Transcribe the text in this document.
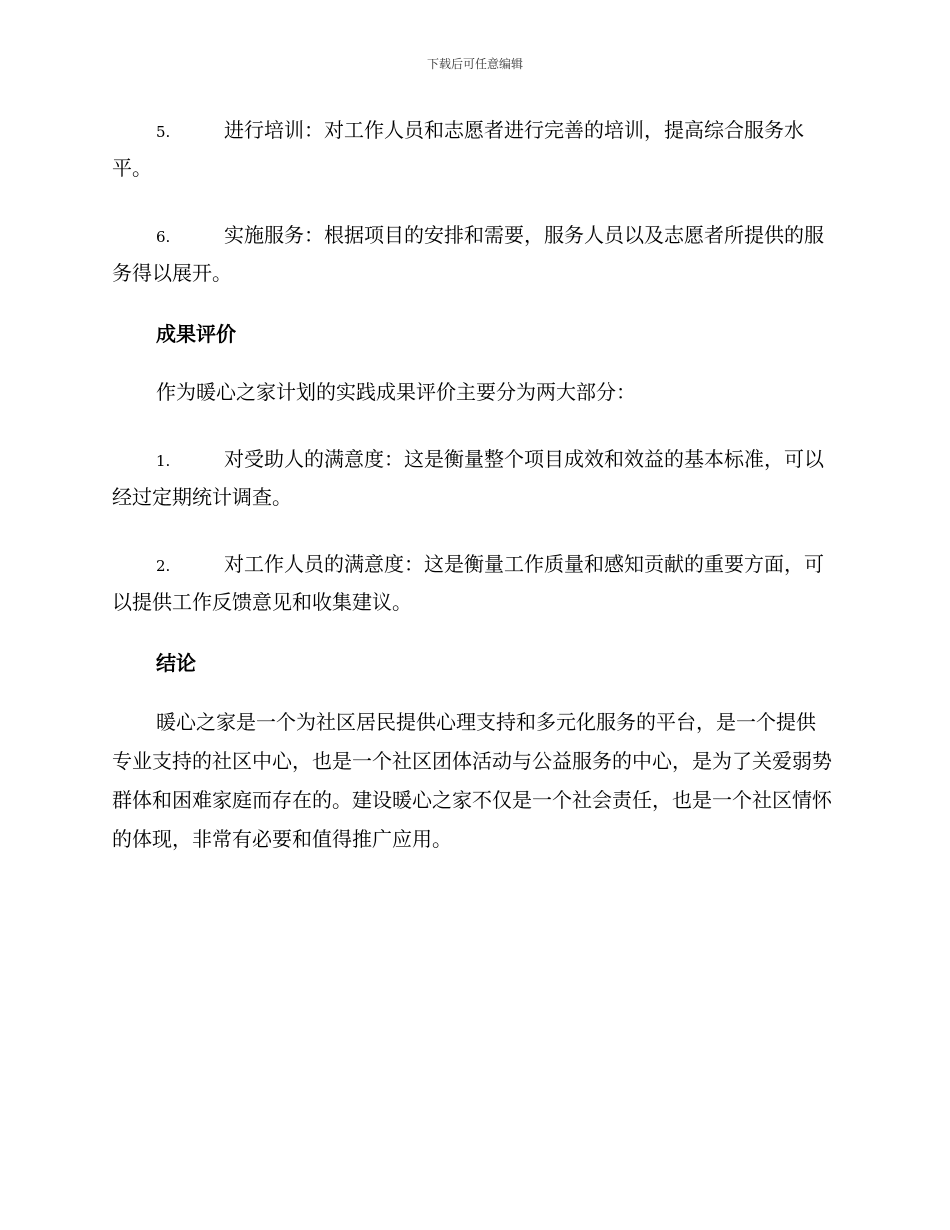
下载后可任意编辑

5.	进行培训：对工作人员和志愿者进行完善的培训，提高综合服务水平。

6.	实施服务：根据项目的安排和需要，服务人员以及志愿者所提供的服务得以展开。

成果评价

作为暖心之家计划的实践成果评价主要分为两大部分：

1.	对受助人的满意度：这是衡量整个项目成效和效益的基本标准，可以经过定期统计调查。

2.	对工作人员的满意度：这是衡量工作质量和感知贡献的重要方面，可以提供工作反馈意见和收集建议。

结论

暖心之家是一个为社区居民提供心理支持和多元化服务的平台，是一个提供专业支持的社区中心，也是一个社区团体活动与公益服务的中心，是为了关爱弱势群体和困难家庭而存在的。建设暖心之家不仅是一个社会责任，也是一个社区情怀的体现，非常有必要和值得推广应用。
